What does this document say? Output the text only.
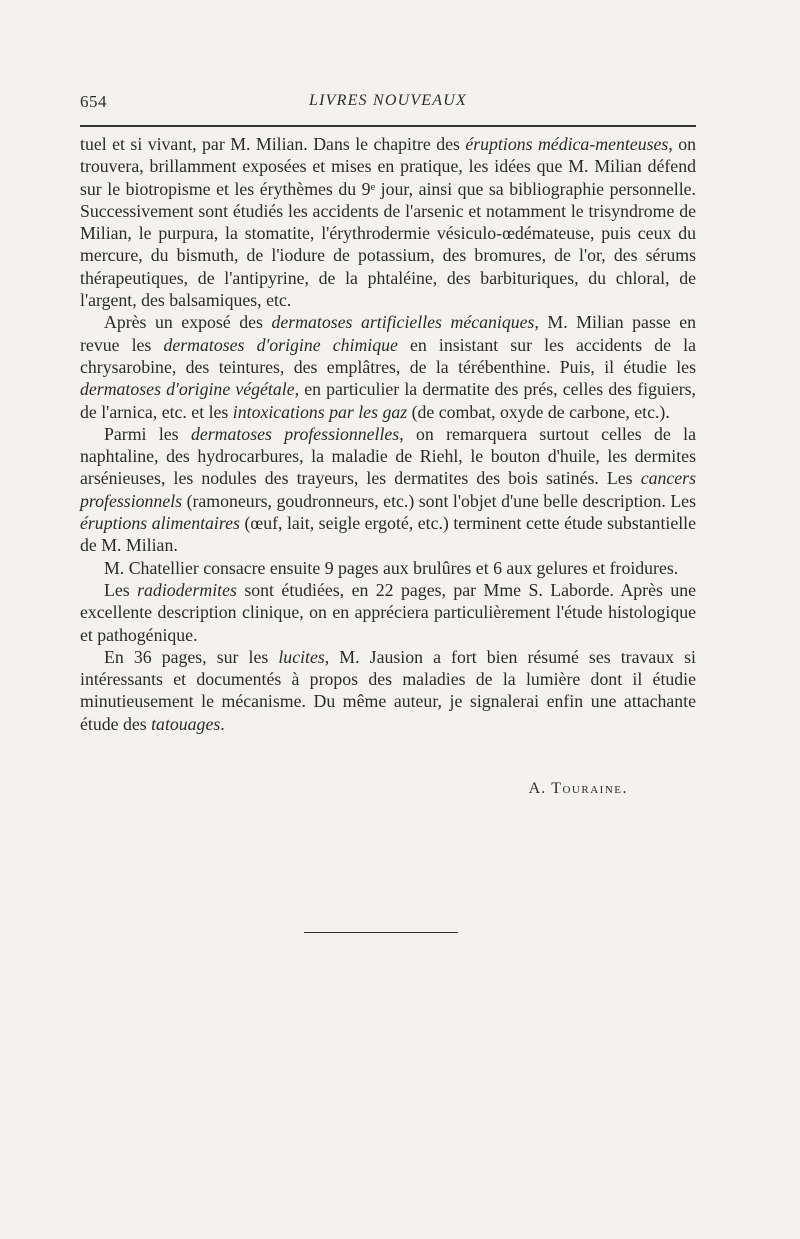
654	LIVRES NOUVEAUX

tuel et si vivant, par M. Milian. Dans le chapitre des éruptions médica-menteuses, on trouvera, brillamment exposées et mises en pratique, les idées que M. Milian défend sur le biotropisme et les érythèmes du 9ᵉ jour, ainsi que sa bibliographie personnelle. Successivement sont étudiés les accidents de l'arsenic et notamment le trisyndrome de Milian, le purpura, la stomatite, l'érythrodermie vésiculo-œdémateuse, puis ceux du mercure, du bismuth, de l'iodure de potassium, des bromures, de l'or, des sérums thérapeutiques, de l'antipyrine, de la phtaléine, des barbituriques, du chloral, de l'argent, des balsamiques, etc.

Après un exposé des dermatoses artificielles mécaniques, M. Milian passe en revue les dermatoses d'origine chimique en insistant sur les accidents de la chrysarobine, des teintures, des emplâtres, de la térébenthine. Puis, il étudie les dermatoses d'origine végétale, en particulier la dermatite des prés, celles des figuiers, de l'arnica, etc. et les intoxications par les gaz (de combat, oxyde de carbone, etc.).

Parmi les dermatoses professionnelles, on remarquera surtout celles de la naphtaline, des hydrocarbures, la maladie de Riehl, le bouton d'huile, les dermites arsénieuses, les nodules des trayeurs, les dermatites des bois satinés. Les cancers professionnels (ramoneurs, goudronneurs, etc.) sont l'objet d'une belle description. Les éruptions alimentaires (œuf, lait, seigle ergoté, etc.) terminent cette étude substantielle de M. Milian.

M. Chatellier consacre ensuite 9 pages aux brulûres et 6 aux gelures et froidures.

Les radiodermites sont étudiées, en 22 pages, par Mme S. Laborde. Après une excellente description clinique, on en appréciera particulièrement l'étude histologique et pathogénique.

En 36 pages, sur les lucites, M. Jausion a fort bien résumé ses travaux si intéressants et documentés à propos des maladies de la lumière dont il étudie minutieusement le mécanisme. Du même auteur, je signalerai enfin une attachante étude des tatouages.

A. Touraine.
